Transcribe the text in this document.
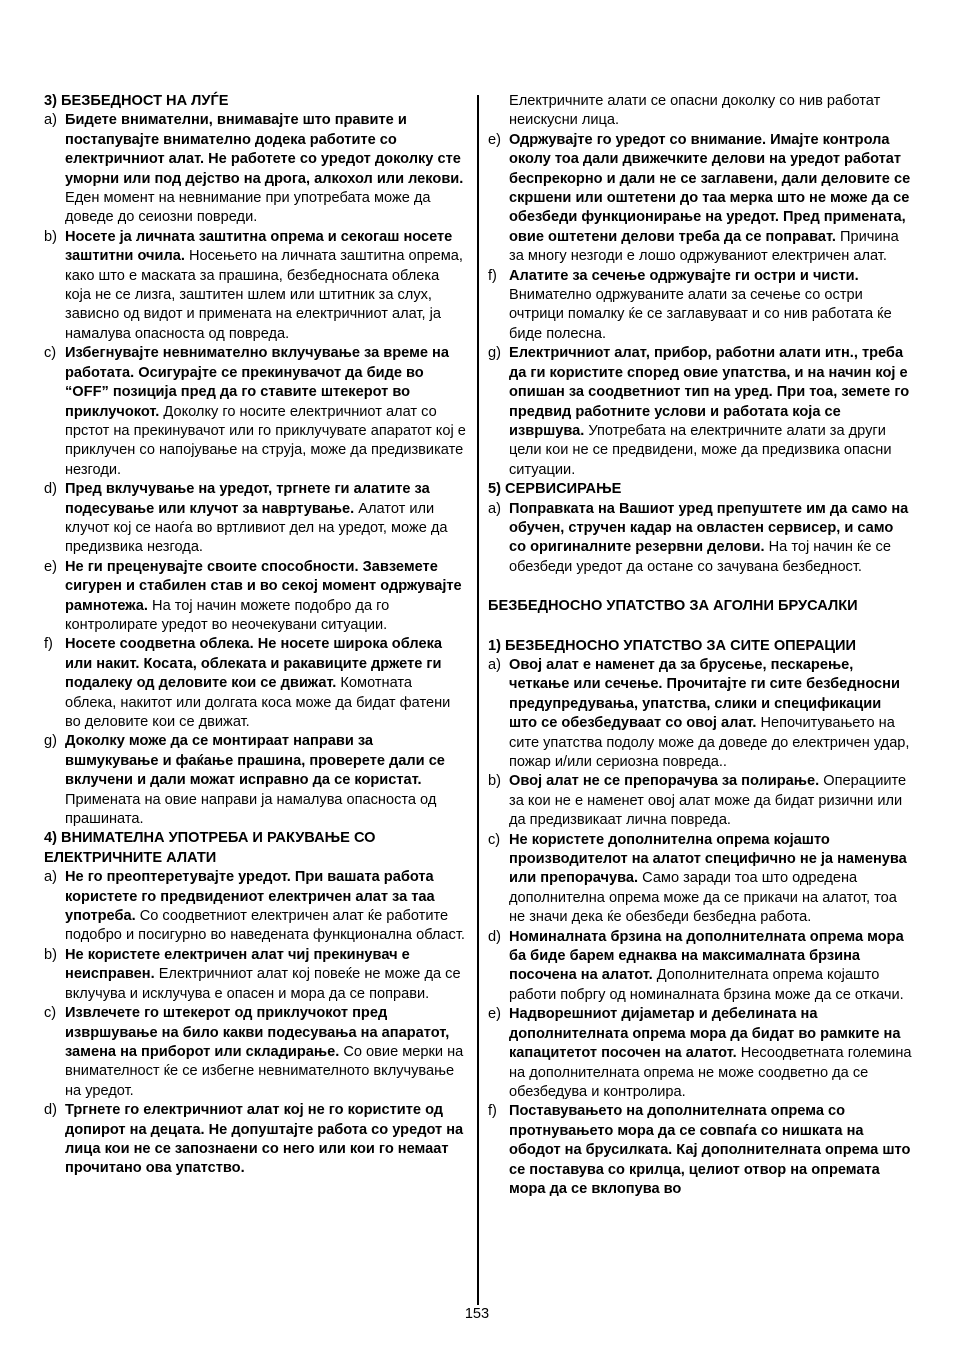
3) БЕЗБЕДНОСТ НА ЛУЃЕ

a) Бидете внимателни, внимавајте што правите и постапувајте внимателно додека работите со електричниот алат. Не работете со уредот доколку сте уморни или под дејство на дрога, алкохол или лекови. Еден момент на невнимание при употребата може да доведе до сеиозни повреди.
b) Носете ја личната заштитна опрема и секогаш носете заштитни очила. Носењето на личната заштитна опрема, како што е маската за прашина, безбедносната облека која не се лизга, заштитен шлем или штитник за слух, зависно од видот и примената на електричниот алат, ја намалува опасноста од повреда.
c) Избегнувајте невнимателно вклучување за време на работата. Осигурајте се прекинувачот да биде во “OFF” позиција пред да го ставите штекерот во приклучокот. Доколку го носите електричниот алат со прстот на прекинувачот или го приклучувате апаратот кој е приклучен со напојување на струја, може да предизвикате незгоди.
d) Пред вклучување на уредот, тргнете ги алатите за подесување или клучот за навртување. Алатот или клучот кој се наоѓа во вртливиот дел на уредот, може да предизвика незгода.
e) Не ги преценувајте своите способности. Завземете сигурен и стабилен став и во секој момент одржувајте рамнотежа. На тој начин можете подобро да го контролирате уредот во неочекувани ситуации.
f) Носете соодветна облека. Не носете широка облека или накит. Косата, облеката и ракавиците држете ги подалеку од деловите кои се движат. Комотната облека, накитот или долгата коса може да бидат фатени во деловите кои се движат.
g) Доколку може да се монтираат направи за вшмукување и фаќање прашина, проверете дали се вклучени и дали можат исправно да се користат. Примената на овие направи ја намалува опасноста од прашината.

4) ВНИМАТЕЛНА УПОТРЕБА И РАКУВАЊЕ СО ЕЛЕКТРИЧНИТЕ АЛАТИ

a) Не го преоптеретувајте уредот. При вашата работа користете го предвидениот електричен алат за таа употреба. Со соодветниот електричен алат ќе работите подобро и посигурно во наведената функционална област.
b) Не користете електричен алат чиј прекинувач е неисправен. Електричниот алат кој повеќе не може да се вклучува и исклучува е опасен и мора да се поправи.
c) Извлечете го штекерот од приклучокот пред извршување на било какви подесувања на апаратот, замена на приборот или складирање. Со овие мерки на внимателност ќе се избегне невнимателното вклучување на уредот.
d) Тргнете го електричниот алат кој не го користите од допирот на децата. Не допуштајте работа со уредот на лица кои не се запознаени со него или кои го немаат прочитано ова упатство.

Електричните алати се опасни доколку со нив работат неискусни лица.

e) Одржувајте го уредот со внимание. Имајте контрола околу тоа дали движечките делови на уредот работат беспрекорно и дали не се заглавени, дали деловите се скршени или оштетени до таа мерка што не може да се обезбеди функционирање на уредот. Пред примената, овие оштетени делови треба да се поправат. Причина за многу незгоди е лошо одржуваниот електричен алат.
f) Алатите за сечење одржувајте ги остри и чисти. Внимателно одржуваните алати за сечење со остри очтрици помалку ќе се заглавуваат и со нив работата ќе биде полесна.
g) Електричниот алат, прибор, работни алати итн., треба да ги користите според овие упатства, и на начин кој е опишан за соодветниот тип на уред. При тоа, земете го предвид работните услови и работата која се извршува. Употребата на електричните алати за други цели кои не се предвидени, може да предизвика опасни ситуации.

5) СЕРВИСИРАЊЕ

a) Поправката на Вашиот уред препуштете им да само на обучен, стручен кадар на овластен сервисер, и само со оригиналните резервни делови. На тој начин ќе се обезбеди уредот да остане со зачувана безбедност.

БЕЗБЕДНОСНО УПАТСТВО ЗА АГОЛНИ БРУСАЛКИ

1) БЕЗБЕДНОСНО УПАТСТВО ЗА СИТЕ ОПЕРАЦИИ

a) Овој алат е наменет да за брусење, пескарење, четкање или сечење. Прочитајте ги сите безбедносни предупредувања, упатства, слики и спецификации што се обезбедуваат со овој алат. Непочитувањето на сите упатства подолу може да доведе до електричен удар, пожар и/или сериозна повреда..
b) Овој алат не се препорачува за полирање. Операциите за кои не е наменет овој алат може да бидат ризични или да предизвикаат лична повреда.
c) Не користете дополнителна опрема којашто производителот на алатот специфично не ја наменува или препорачува. Само заради тоа што одредена дополнителна опрема може да се прикачи на алатот, тоа не значи дека ќе обезбеди безбедна работа.
d) Номиналната брзина на дополнителната опрема мора ба биде барем еднаква на максималната брзина посочена на алатот. Дополнителната опрема којашто работи побргу од номиналната брзина може да се откачи.
e) Надворешниот дијаметар и дебелината на дополнителната опрема мора да бидат во рамките на капацитетот посочен на алатот. Несоодветната големина на дополнителната опрема не може соодветно да се обезбедува и контролира.
f) Поставувањето на дополнителната опрема со протнувањето мора да се совпаѓа со нишката на ободот на брусилката. Кај дополнителната опрема што се поставува со крилца, целиот отвор на опремата мора да се вклопува во
153
